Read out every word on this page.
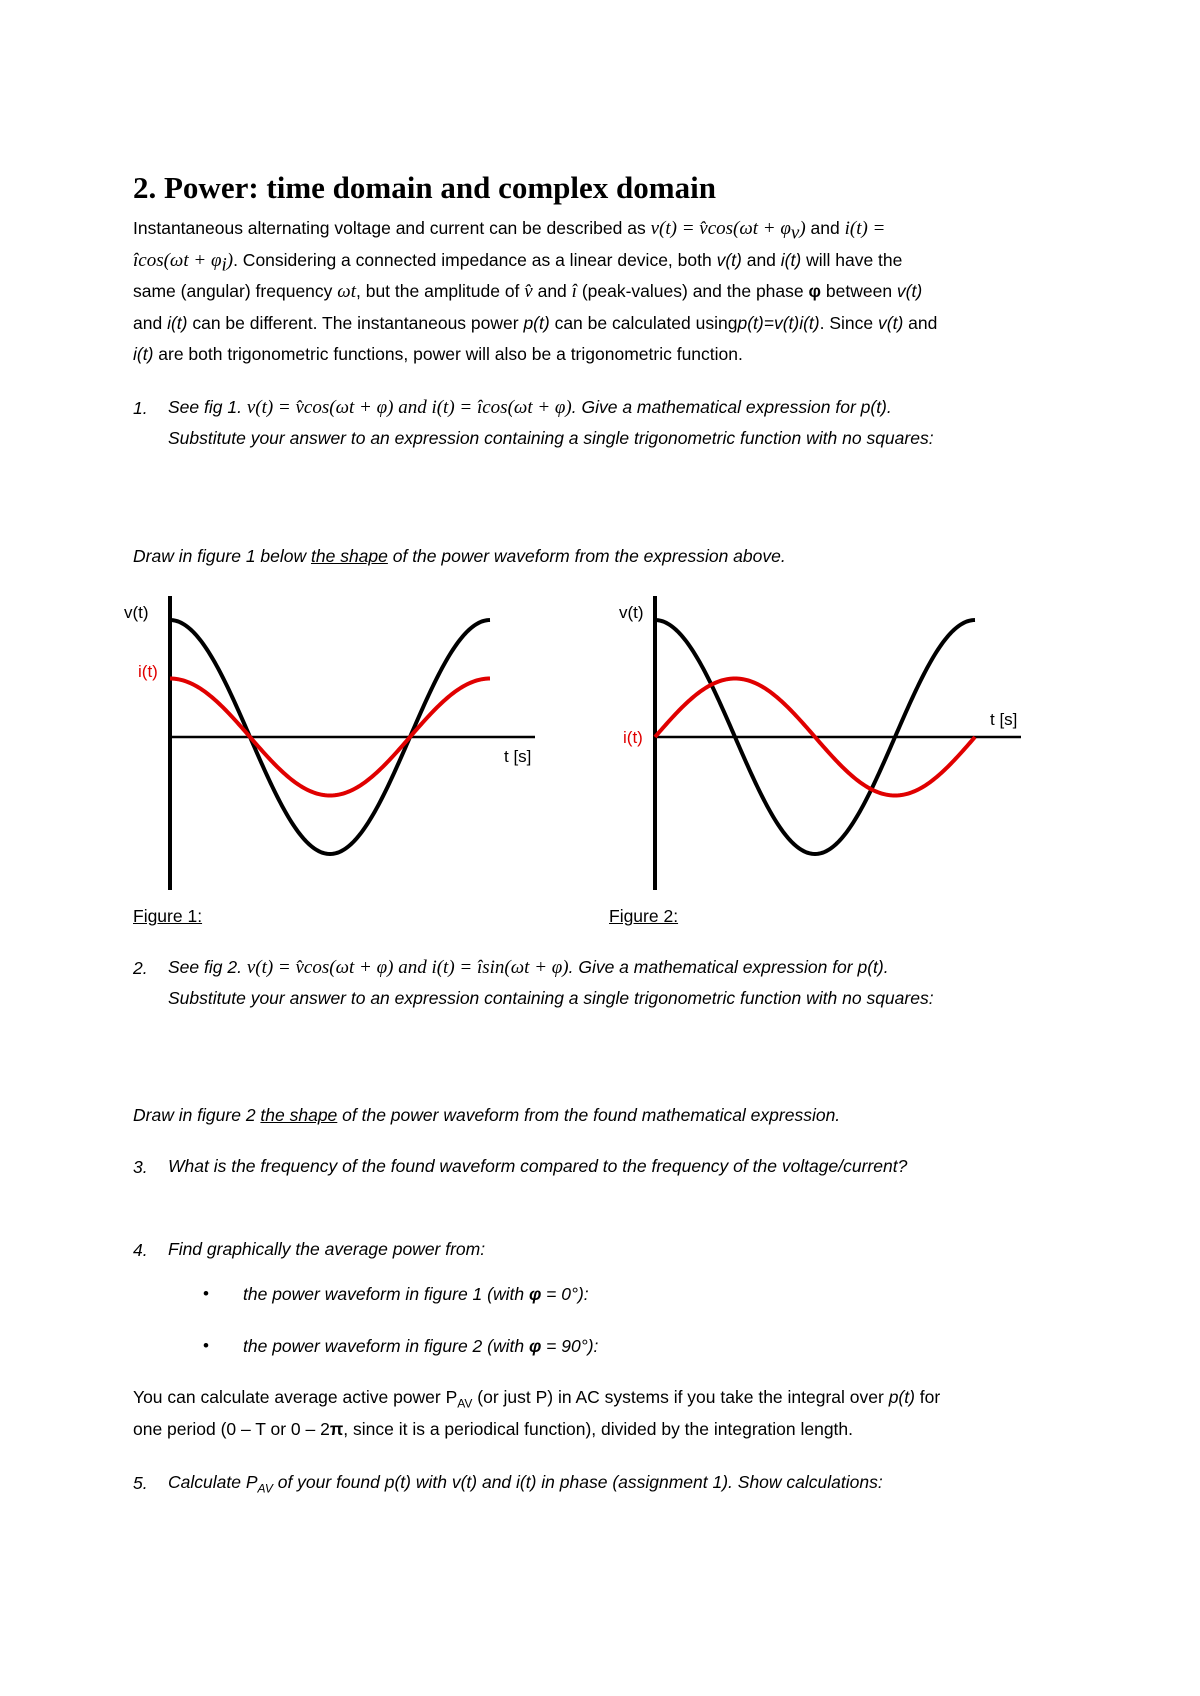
2. Power: time domain and complex domain
Instantaneous alternating voltage and current can be described as v(t) = v̂cos(ωt + $\varphi_v$) and i(t) =
îcos(ωt + $\varphi_i$). Considering a connected impedance as a linear device, both v(t) and i(t) will have the
same (angular) frequency ωt, but the amplitude of v̂ and î (peak-values) and the phase φ between v(t)
and i(t) can be different. The instantaneous power p(t) can be calculated usingp(t)=v(t)i(t). Since v(t) and
i(t) are both trigonometric functions, power will also be a trigonometric function.
1. See fig 1. v(t) = v̂cos(ωt + φ) and i(t) = îcos(ωt + φ). Give a mathematical expression for p(t).
Substitute your answer to an expression containing a single trigonometric function with no squares:
Draw in figure 1 below the shape of the power waveform from the expression above.
v(t)
i(t)
t [s]
Figure 1:
v(t)
i(t)
t [s]
Figure 2:
2. See fig 2. v(t) = v̂cos(ωt + φ) and i(t) = îsin(ωt + φ). Give a mathematical expression for p(t).
Substitute your answer to an expression containing a single trigonometric function with no squares:
Draw in figure 2 the shape of the power waveform from the found mathematical expression.
3. What is the frequency of the found waveform compared to the frequency of the voltage/current?
4. Find graphically the average power from:
• the power waveform in figure 1 (with φ = 0°):
• the power waveform in figure 2 (with φ = 90°):
You can calculate average active power $P_{AV}$ (or just P) in AC systems if you take the integral over p(t) for
one period (0 – T or 0 – 2π, since it is a periodical function), divided by the integration length.
5. Calculate $P_{AV}$ of your found p(t) with v(t) and i(t) in phase (assignment 1). Show calculations:
